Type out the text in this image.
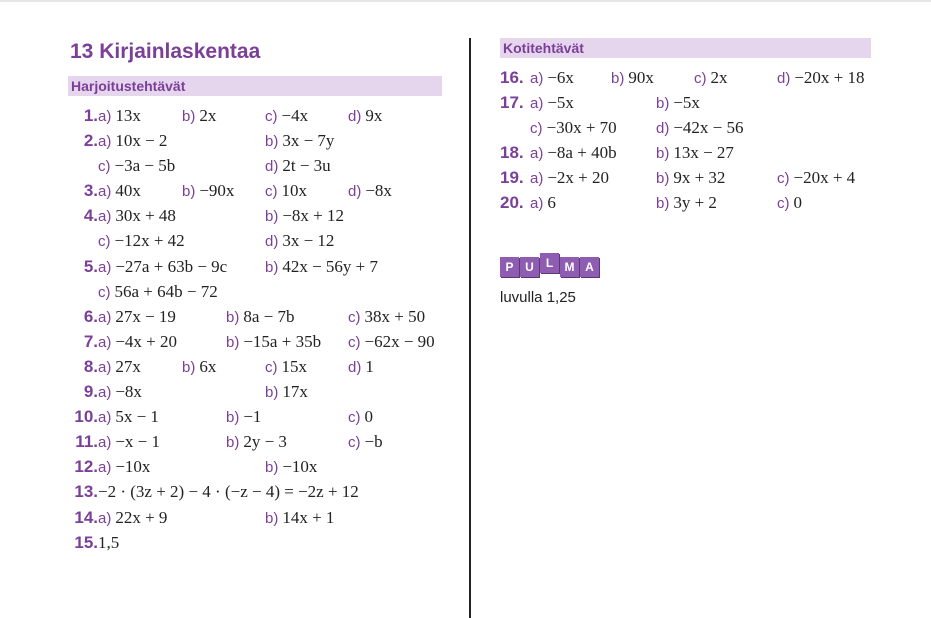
13 Kirjainlaskentaa
Harjoitustehtävät
Kotitehtävät
1. a) 13x	b) 2x	c) −4x	d) 9x
2. a) 10x − 2	b) 3x − 7y
c) −3a − 5b	d) 2t − 3u
3. a) 40x	b) −90x c) 10x	d) −8x
4. a) 30x + 48	b) −8x + 12
c) −12x + 42	d) 3x − 12
5. a) −27a + 63b − 9c	b) 42x − 56y + 7
c) 56a + 64b − 72
6. a) 27x − 19	b) 8a − 7b	c) 38x + 50
7. a) −4x + 20	b) −15a + 35b c) −62x − 90
8. a) 27x	b) 6x	c) 15x	d) 1
9. a) −8x	b) 17x
10. a) 5x − 1	b) −1	c) 0
11. a) −x − 1	b) 2y − 3	c) −b
12. a) −10x	b) −10x
13. −2 · (3z + 2) − 4 · (−z − 4) = −2z + 12
14. a) 22x + 9	b) 14x + 1
15. 1,5
16. a) −6x b) 90x	c) 2x	d) −20x + 18
17. a) −5x	b) −5x
c) −30x + 70	d) −42x − 56
18. a) −8a + 40b	b) 13x − 27
19. a) −2x + 20	b) 9x + 32	c) −20x + 4
20. a) 6	b) 3y + 2	c) 0
P U	L M A
luvulla 1,25
